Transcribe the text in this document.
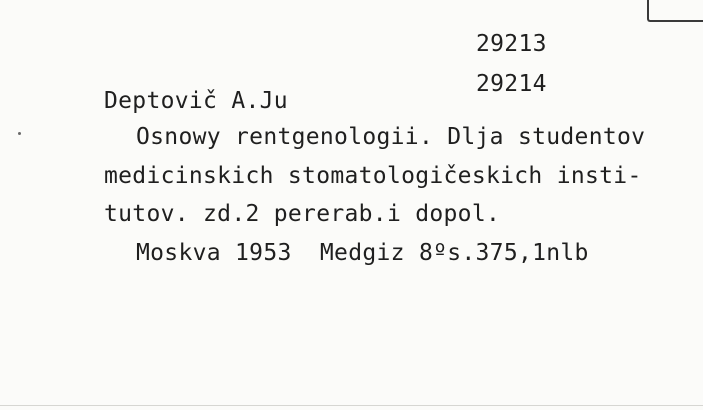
29213
29214
Deptovič A.Ju
Osnowy rentgenologii. Dlja studentov
medicinskich stomatologičeskich insti-
tutov. zd.2 pererab.i dopol.
Moskva 1953  Medgiz 8ºs.375,1nlb
